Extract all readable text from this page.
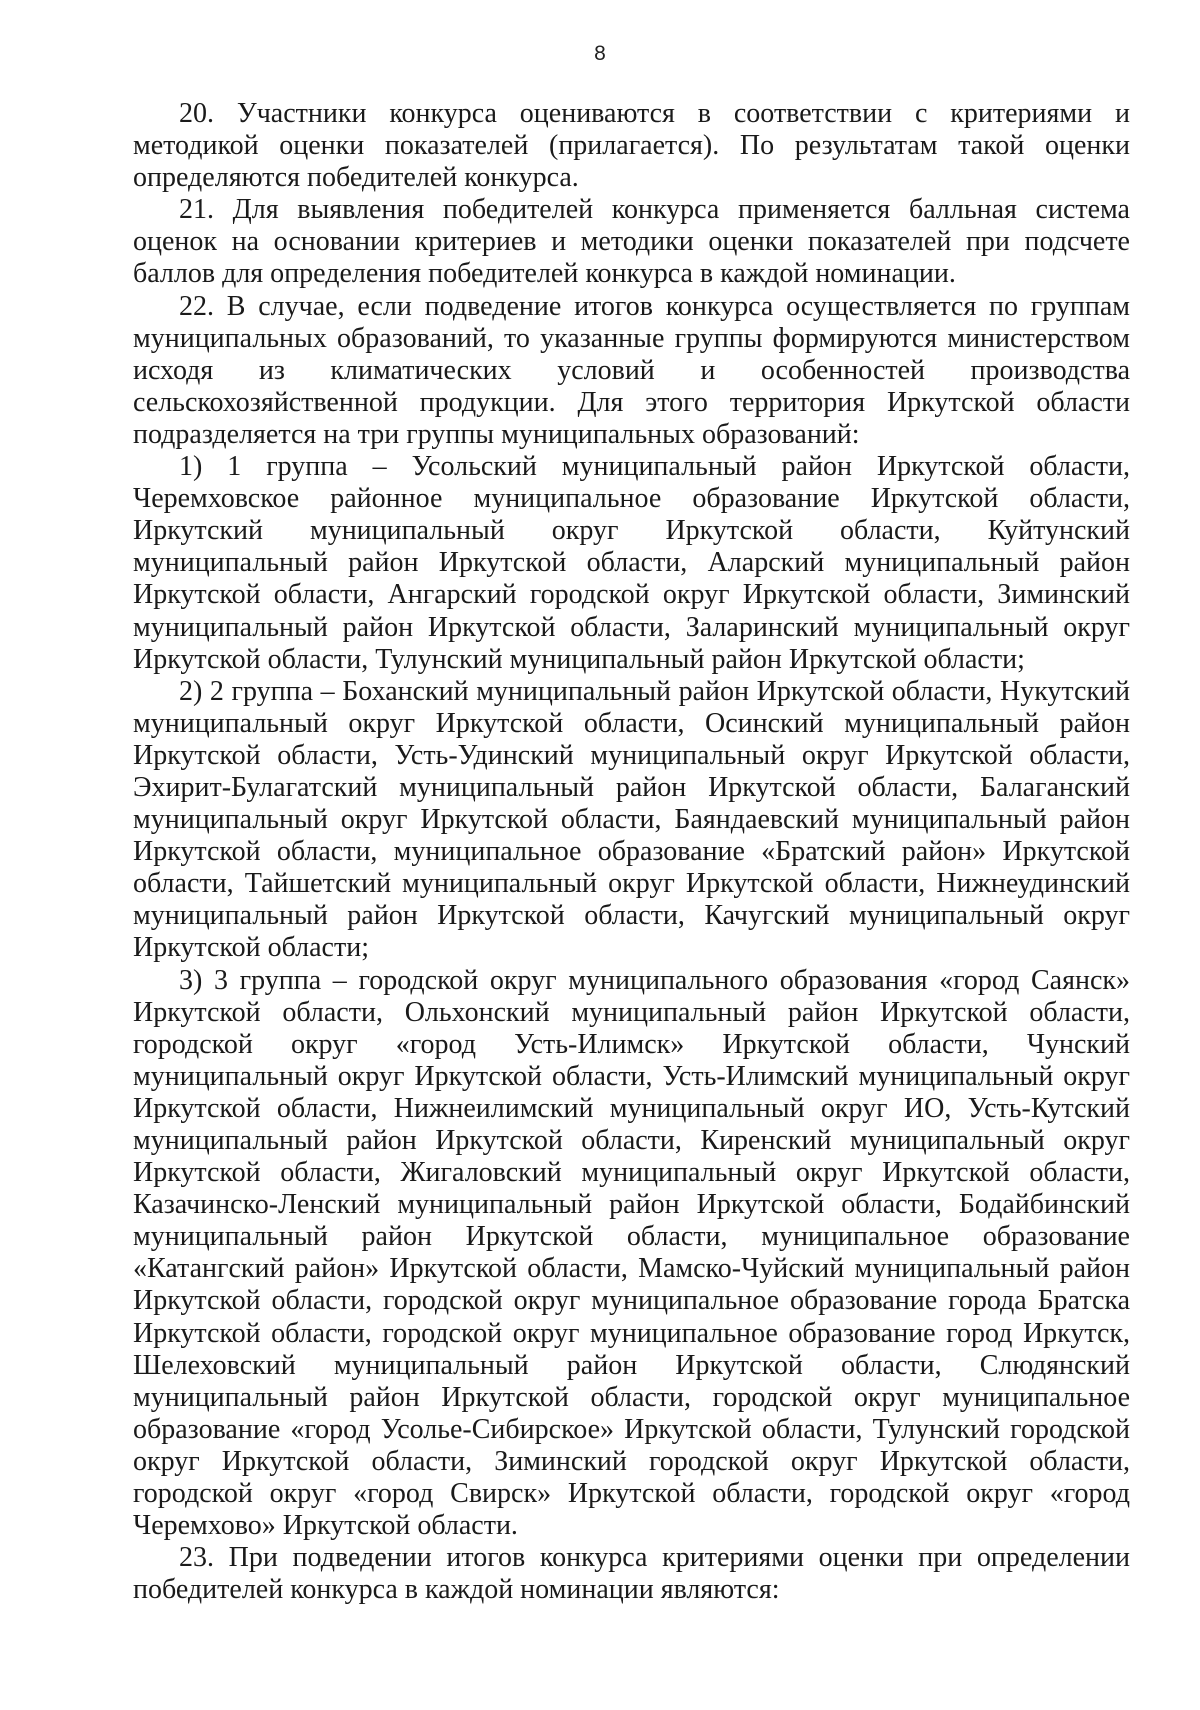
8

20. Участники конкурса оцениваются в соответствии с критериями и методикой оценки показателей (прилагается). По результатам такой оценки определяются победителей конкурса.

21. Для выявления победителей конкурса применяется балльная система оценок на основании критериев и методики оценки показателей при подсчете баллов для определения победителей конкурса в каждой номинации.

22. В случае, если подведение итогов конкурса осуществляется по группам муниципальных образований, то указанные группы формируются министерством исходя из климатических условий и особенностей производства сельскохозяйственной продукции. Для этого территория Иркутской области подразделяется на три группы муниципальных образований:

1) 1 группа – Усольский муниципальный район Иркутской области, Черемховское районное муниципальное образование Иркутской области, Иркутский муниципальный округ Иркутской области, Куйтунский муниципальный район Иркутской области, Аларский муниципальный район Иркутской области, Ангарский городской округ Иркутской области, Зиминский муниципальный район Иркутской области, Заларинский муниципальный округ Иркутской области, Тулунский муниципальный район Иркутской области;

2) 2 группа – Боханский муниципальный район Иркутской области, Нукутский муниципальный округ Иркутской области, Осинский муниципальный район Иркутской области, Усть-Удинский муниципальный округ Иркутской области, Эхирит-Булагатский муниципальный район Иркутской области, Балаганский муниципальный округ Иркутской области, Баяндаевский муниципальный район Иркутской области, муниципальное образование «Братский район» Иркутской области, Тайшетский муниципальный округ Иркутской области, Нижнеудинский муниципальный район Иркутской области, Качугский муниципальный округ Иркутской области;

3) 3 группа – городской округ муниципального образования «город Саянск» Иркутской области, Ольхонский муниципальный район Иркутской области, городской округ «город Усть-Илимск» Иркутской области, Чунский муниципальный округ Иркутской области, Усть-Илимский муниципальный округ Иркутской области, Нижнеилимский муниципальный округ ИО, Усть-Кутский муниципальный район Иркутской области, Киренский муниципальный округ Иркутской области, Жигаловский муниципальный округ Иркутской области, Казачинско-Ленский муниципальный район Иркутской области, Бодайбинский муниципальный район Иркутской области, муниципальное образование «Катангский район» Иркутской области, Мамско-Чуйский муниципальный район Иркутской области, городской округ муниципальное образование города Братска Иркутской области, городской округ муниципальное образование город Иркутск, Шелеховский муниципальный район Иркутской области, Слюдянский муниципальный район Иркутской области, городской округ муниципальное образование «город Усолье-Сибирское» Иркутской области, Тулунский городской округ Иркутской области, Зиминский городской округ Иркутской области, городской округ «город Свирск» Иркутской области, городской округ «город Черемхово» Иркутской области.

23. При подведении итогов конкурса критериями оценки при определении победителей конкурса в каждой номинации являются:
